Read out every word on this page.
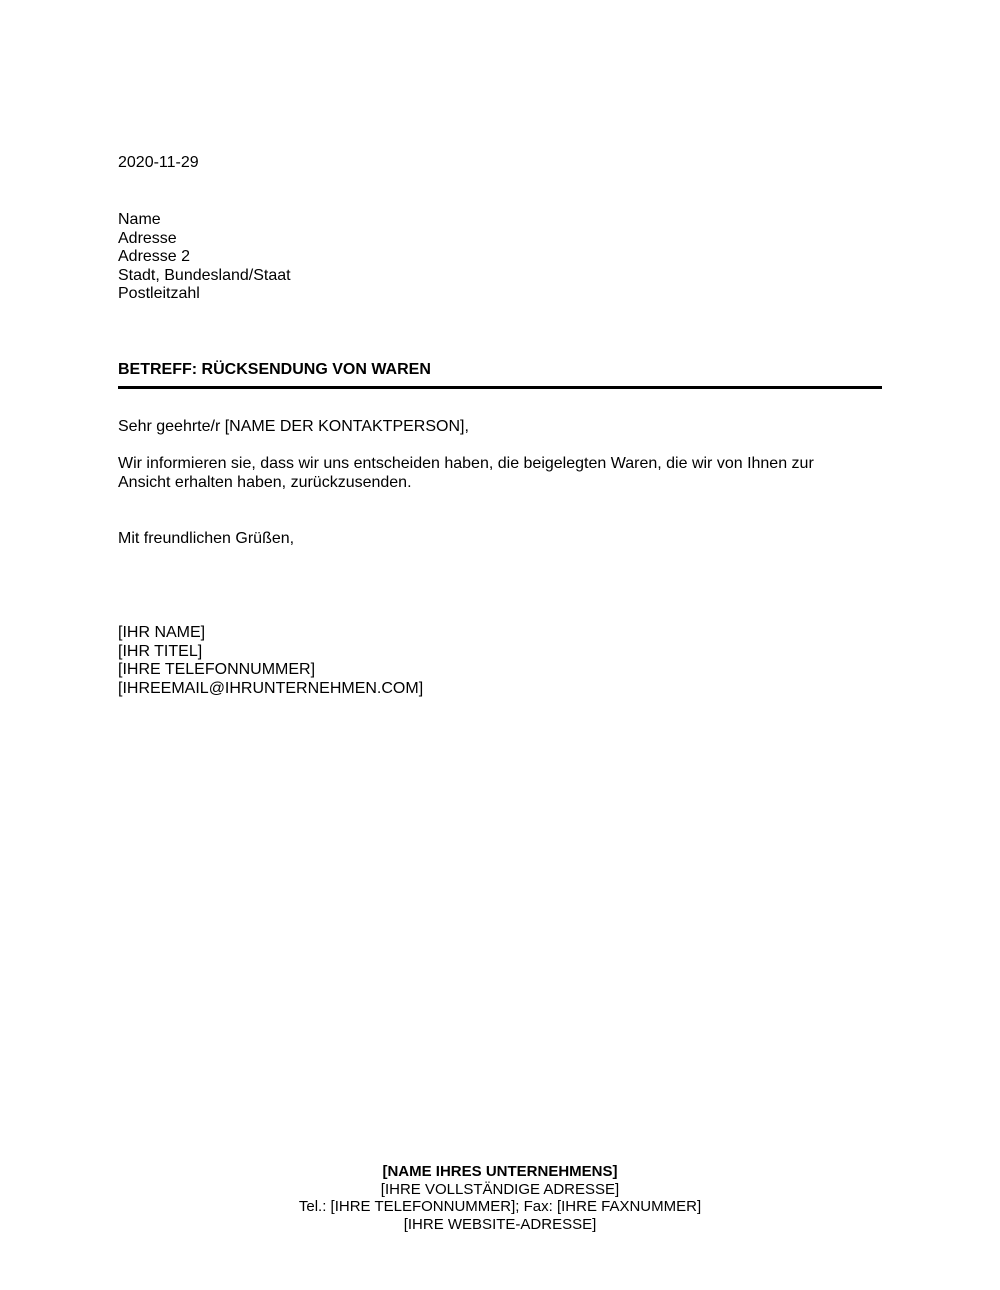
2020-11-29
Name
Adresse
Adresse 2
Stadt, Bundesland/Staat
Postleitzahl
BETREFF: RÜCKSENDUNG VON WAREN
Sehr geehrte/r [NAME DER KONTAKTPERSON],
Wir informieren sie, dass wir uns entscheiden haben, die beigelegten Waren, die wir von Ihnen zur
Ansicht erhalten haben, zurückzusenden.
Mit freundlichen Grüßen,
[IHR NAME]
[IHR TITEL]
[IHRE TELEFONNUMMER]
[IHREEMAIL@IHRUNTERNEHMEN.COM]
[NAME IHRES UNTERNEHMENS]
[IHRE VOLLSTÄNDIGE ADRESSE]
Tel.: [IHRE TELEFONNUMMER]; Fax: [IHRE FAXNUMMER]
[IHRE WEBSITE-ADRESSE]
